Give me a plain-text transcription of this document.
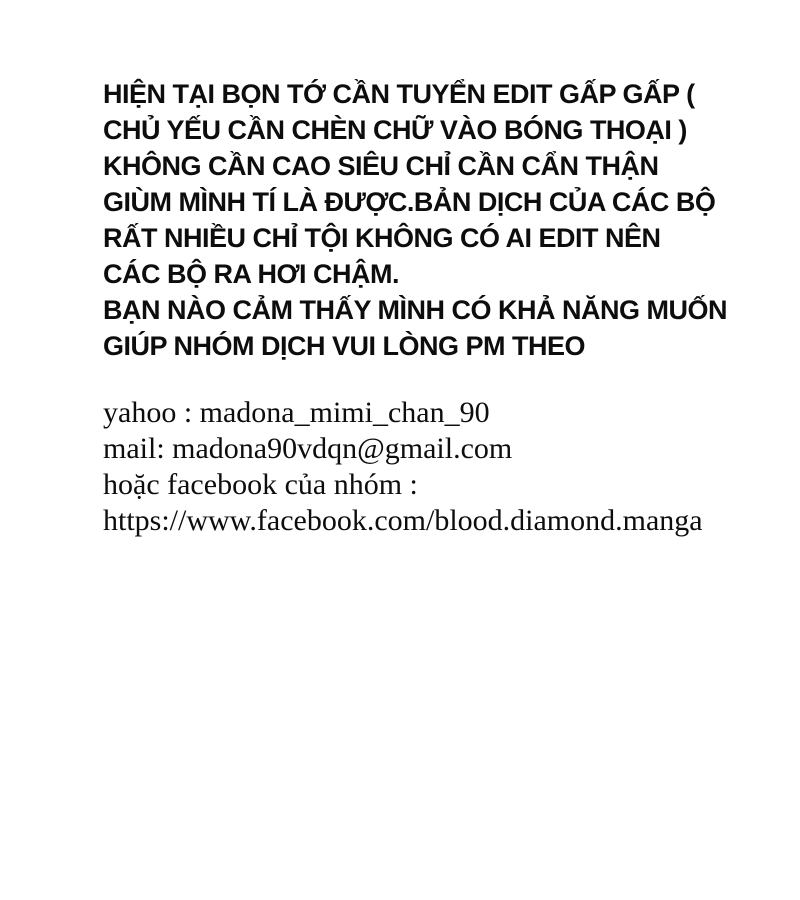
HIỆN TẠI BỌN TỚ CẦN TUYỂN EDIT GẤP GẤP (
CHỦ YẾU CẦN CHÈN CHỮ VÀO BÓNG THOẠI )
KHÔNG CẦN CAO SIÊU CHỈ CẦN CẨN THẬN
GIÙM MÌNH TÍ LÀ ĐƯỢC.BẢN DỊCH CỦA CÁC BỘ
RẤT NHIỀU CHỈ TỘI KHÔNG CÓ AI EDIT NÊN
CÁC BỘ RA HƠI CHẬM.
BẠN NÀO CẢM THẤY MÌNH CÓ KHẢ NĂNG MUỐN
GIÚP NHÓM DỊCH VUI LÒNG PM THEO
yahoo : madona_mimi_chan_90
mail: madona90vdqn@gmail.com
hoặc facebook của nhóm :
https://www.facebook.com/blood.diamond.manga
